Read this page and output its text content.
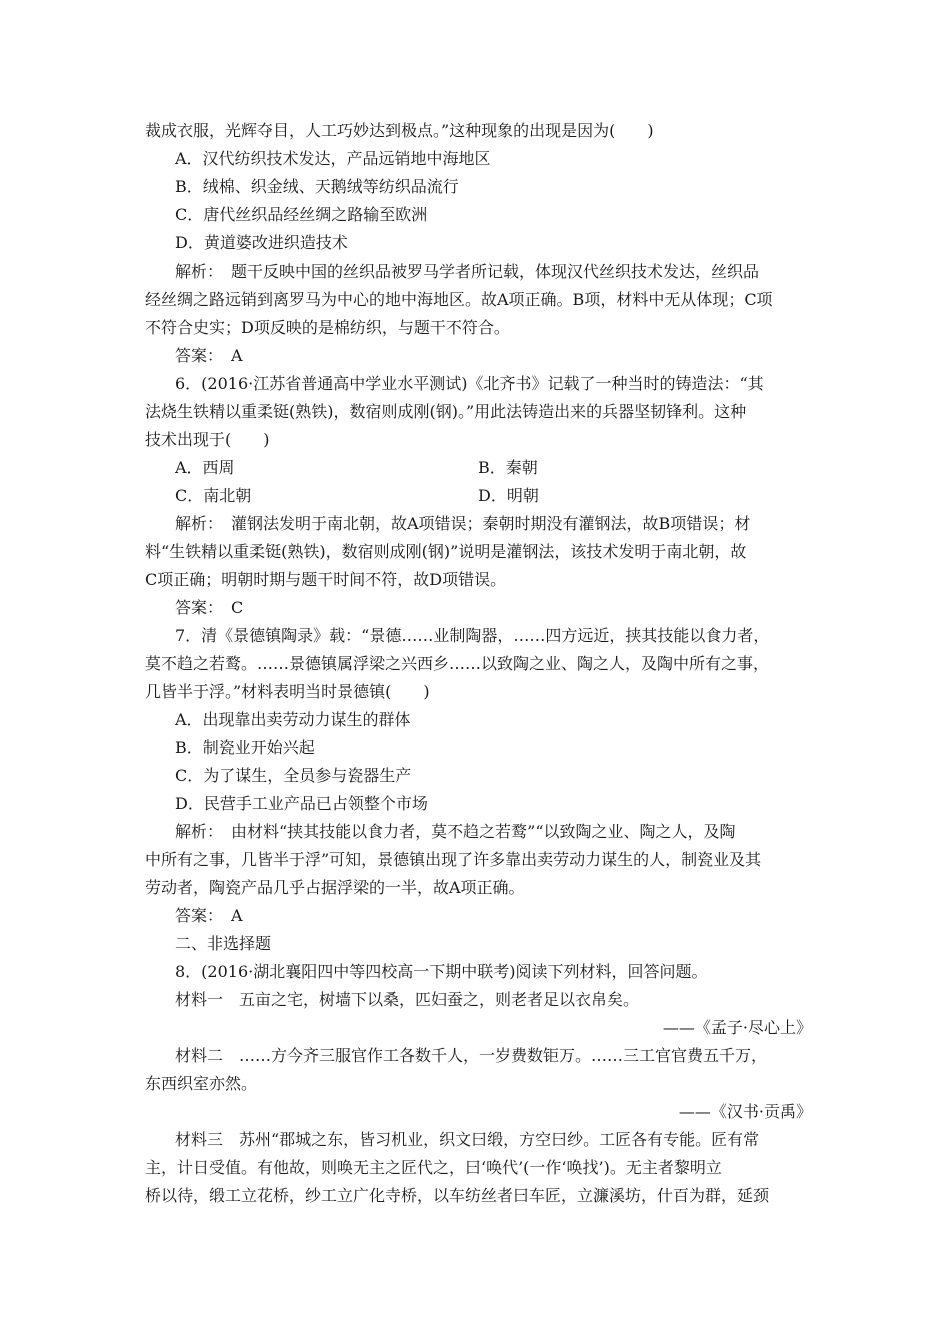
裁成衣服，光辉夺目，人工巧妙达到极点。”这种现象的出现是因为(　　)
A．汉代纺织技术发达，产品远销地中海地区
B．绒棉、织金绒、天鹅绒等纺织品流行
C．唐代丝织品经丝绸之路输至欧洲
D．黄道婆改进织造技术
解析：　题干反映中国的丝织品被罗马学者所记载，体现汉代丝织技术发达，丝织品
经丝绸之路远销到离罗马为中心的地中海地区。故A项正确。B项，材料中无从体现；C项
不符合史实；D项反映的是棉纺织，与题干不符合。
答案：　A
6．(2016·江苏省普通高中学业水平测试)《北齐书》记载了一种当时的铸造法：“其
法烧生铁精以重柔铤(熟铁)，数宿则成刚(钢)。”用此法铸造出来的兵器坚韧锋利。这种
技术出现于(　　)
A．西周	B．秦朝
C．南北朝	D．明朝
解析：　灌钢法发明于南北朝，故A项错误；秦朝时期没有灌钢法，故B项错误；材
料“生铁精以重柔铤(熟铁)，数宿则成刚(钢)”说明是灌钢法，该技术发明于南北朝，故
C项正确；明朝时期与题干时间不符，故D项错误。
答案：　C
7．清《景德镇陶录》载：“景德……业制陶器，……四方远近，挟其技能以食力者，
莫不趋之若鹜。……景德镇属浮梁之兴西乡……以致陶之业、陶之人，及陶中所有之事，
几皆半于浮。”材料表明当时景德镇(　　)
A．出现靠出卖劳动力谋生的群体
B．制瓷业开始兴起
C．为了谋生，全员参与瓷器生产
D．民营手工业产品已占领整个市场
解析：　由材料“挟其技能以食力者，莫不趋之若鹜”“以致陶之业、陶之人，及陶
中所有之事，几皆半于浮”可知，景德镇出现了许多靠出卖劳动力谋生的人，制瓷业及其
劳动者，陶瓷产品几乎占据浮梁的一半，故A项正确。
答案：　A
二、非选择题
8．(2016·湖北襄阳四中等四校高一下期中联考)阅读下列材料，回答问题。
材料一　五亩之宅，树墙下以桑，匹妇蚕之，则老者足以衣帛矣。
——《孟子·尽心上》
材料二　……方今齐三服官作工各数千人，一岁费数钜万。……三工官官费五千万，
东西织室亦然。
——《汉书·贡禹》
材料三　苏州“郡城之东，皆习机业，织文曰缎，方空曰纱。工匠各有专能。匠有常
主，计日受值。有他故，则唤无主之匠代之，曰‘唤代’(一作‘唤找’)。无主者黎明立
桥以待，缎工立花桥，纱工立广化寺桥，以车纺丝者曰车匠，立濂溪坊，什百为群，延颈
